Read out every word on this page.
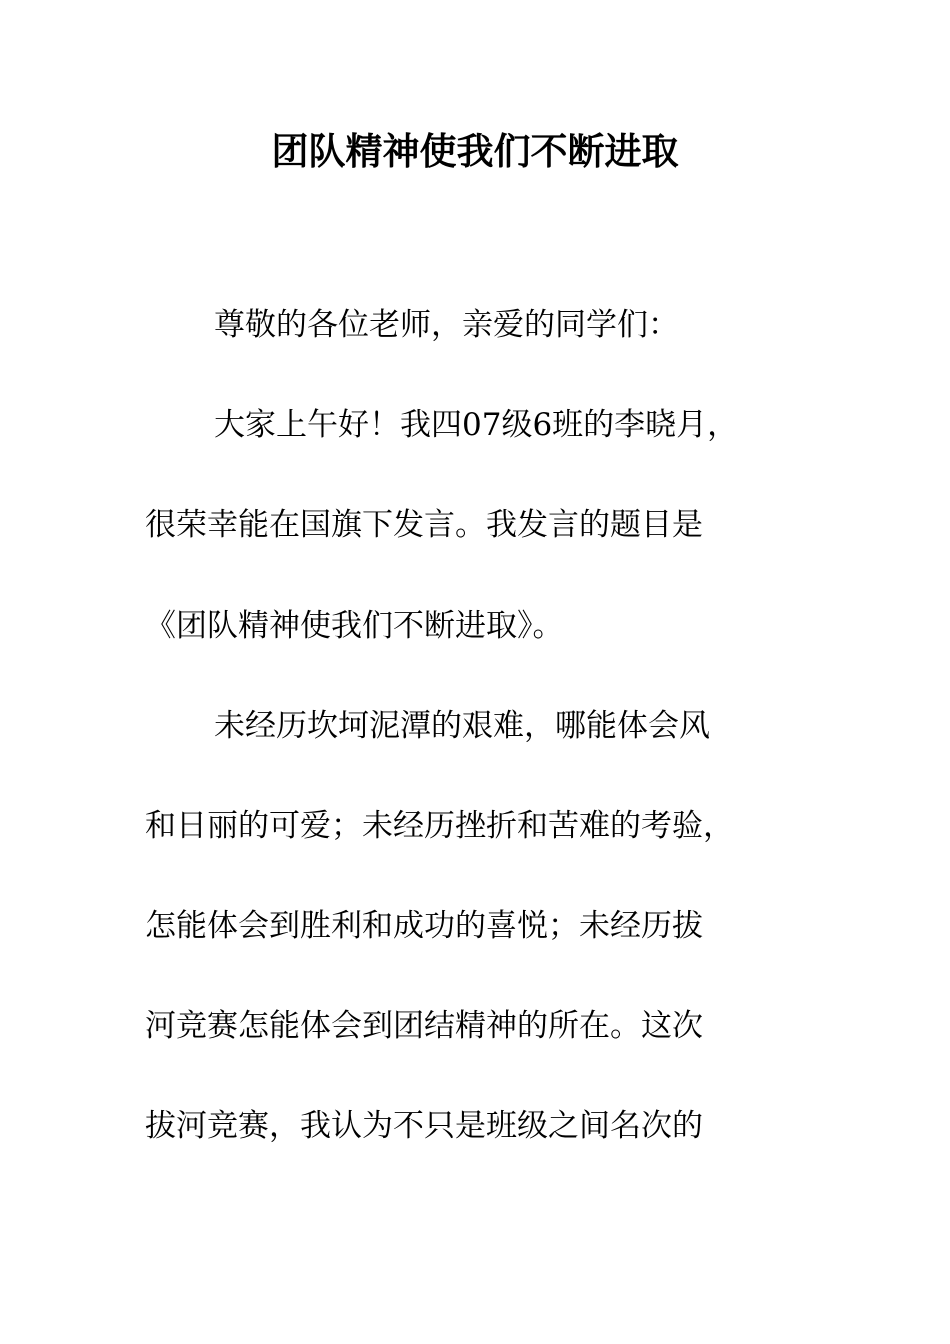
团队精神使我们不断进取

尊敬的各位老师，亲爱的同学们：

大家上午好！我四07级6班的李晓月，

很荣幸能在国旗下发言。我发言的题目是

《团队精神使我们不断进取》。

未经历坎坷泥潭的艰难，哪能体会风

和日丽的可爱；未经历挫折和苦难的考验，

怎能体会到胜利和成功的喜悦；未经历拔

河竞赛怎能体会到团结精神的所在。这次

拔河竞赛，我认为不只是班级之间名次的
